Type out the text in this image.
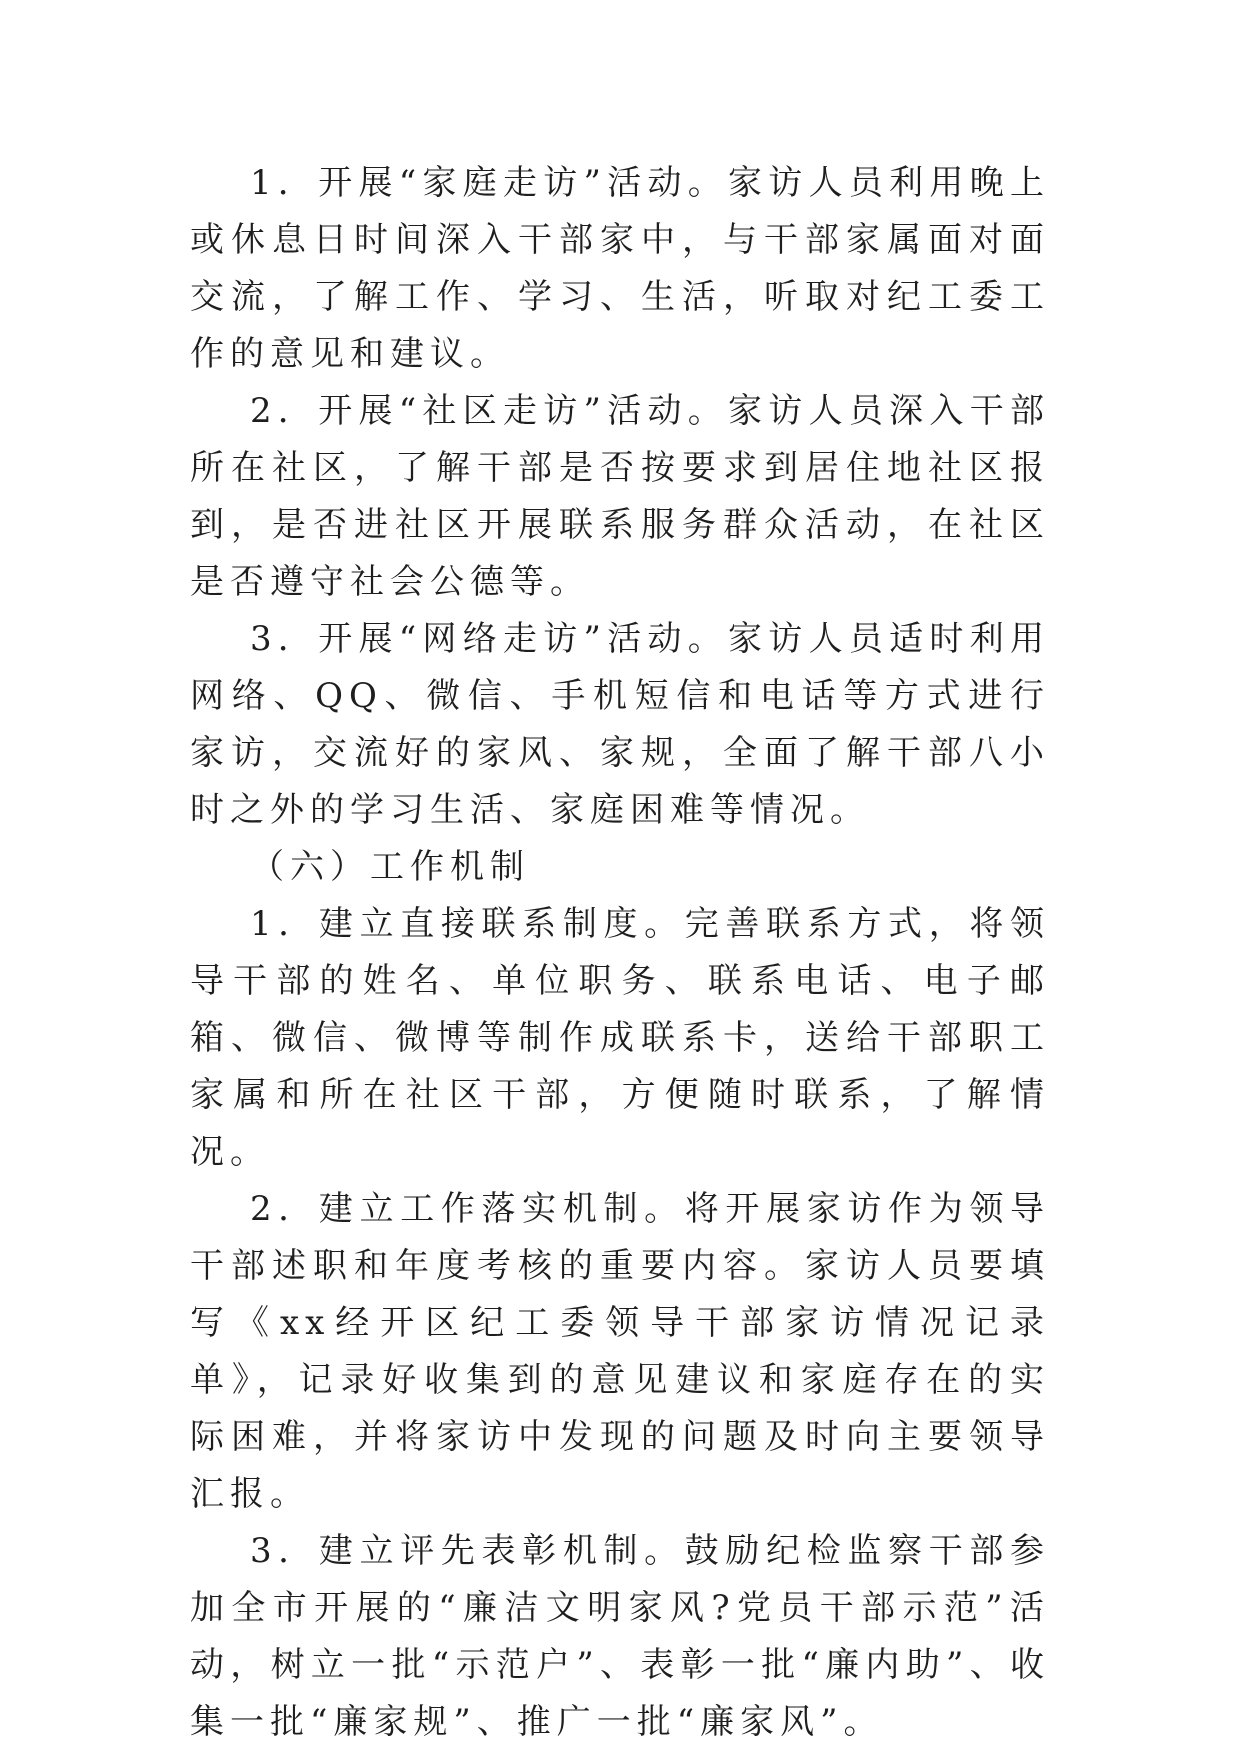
1．开展“家庭走访”活动。家访人员利用晚上或休息日时间深入干部家中，与干部家属面对面交流，了解工作、学习、生活，听取对纪工委工作的意见和建议。

2．开展“社区走访”活动。家访人员深入干部所在社区，了解干部是否按要求到居住地社区报到，是否进社区开展联系服务群众活动，在社区是否遵守社会公德等。

3．开展“网络走访”活动。家访人员适时利用网络、QQ、微信、手机短信和电话等方式进行家访，交流好的家风、家规，全面了解干部八小时之外的学习生活、家庭困难等情况。

（六）工作机制

1．建立直接联系制度。完善联系方式，将领导干部的姓名、单位职务、联系电话、电子邮箱、微信、微博等制作成联系卡，送给干部职工家属和所在社区干部，方便随时联系，了解情况。

2．建立工作落实机制。将开展家访作为领导干部述职和年度考核的重要内容。家访人员要填写《xx经开区纪工委领导干部家访情况记录单》，记录好收集到的意见建议和家庭存在的实际困难，并将家访中发现的问题及时向主要领导汇报。

3．建立评先表彰机制。鼓励纪检监察干部参加全市开展的“廉洁文明家风?党员干部示范”活动，树立一批“示范户”、表彰一批“廉内助”、收集一批“廉家规”、推广一批“廉家风”。
